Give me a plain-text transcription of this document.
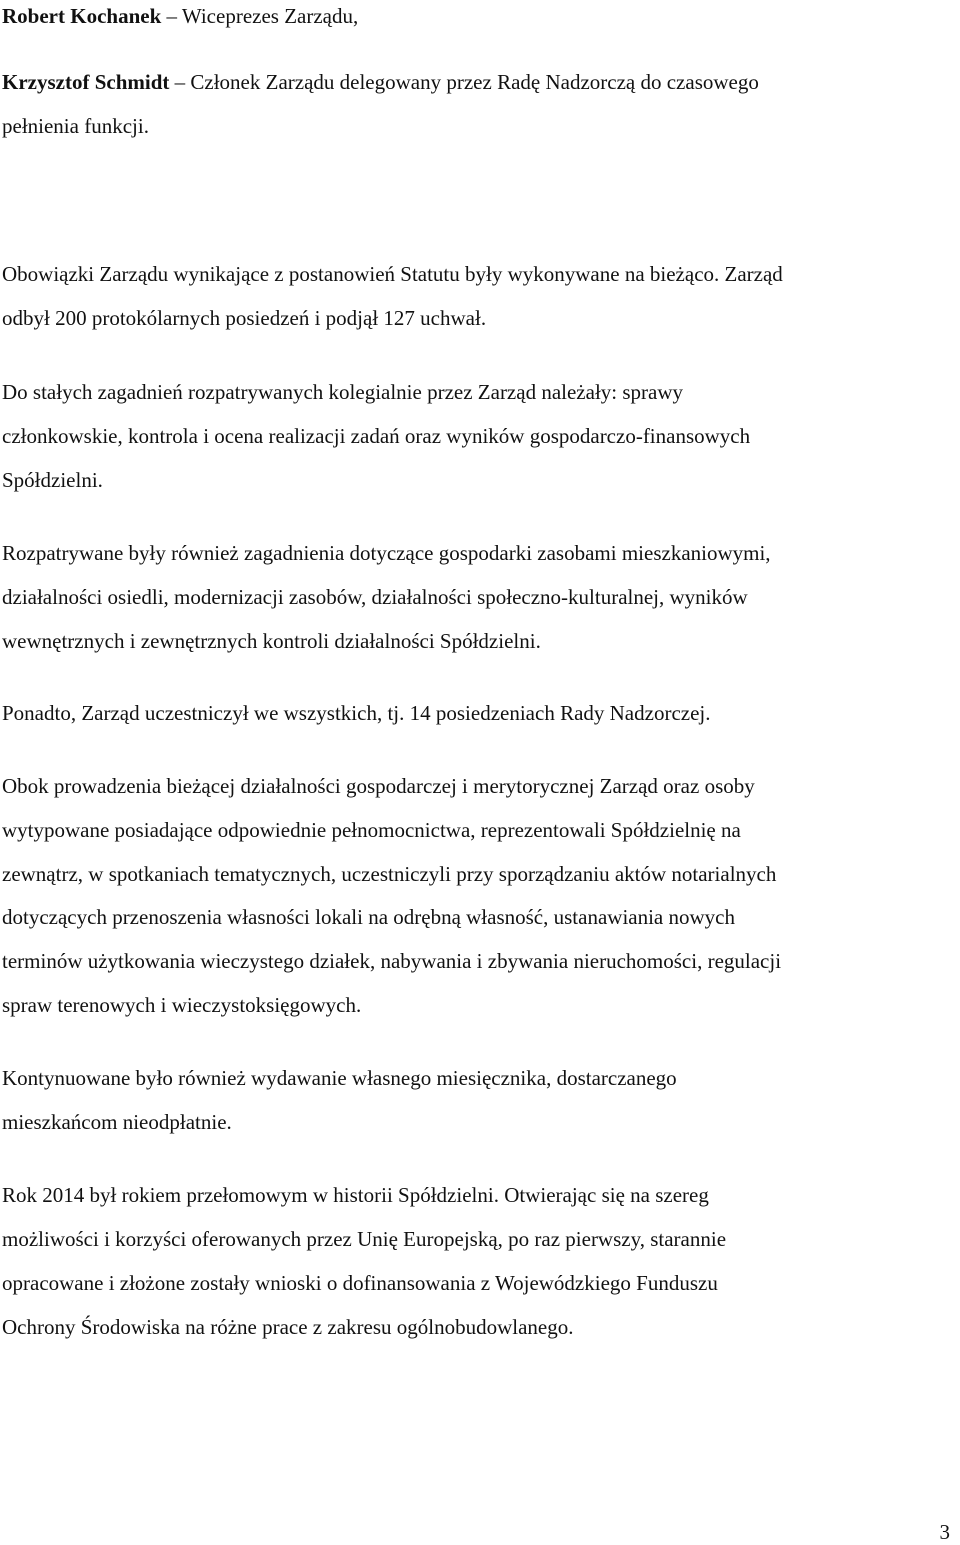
Robert Kochanek – Wiceprezes Zarządu,
Krzysztof Schmidt – Członek Zarządu delegowany przez Radę Nadzorczą do czasowego
pełnienia funkcji.
Obowiązki Zarządu wynikające z postanowień Statutu były wykonywane na bieżąco. Zarząd
odbył 200 protokólarnych posiedzeń i podjął 127 uchwał.
Do stałych zagadnień rozpatrywanych kolegialnie przez Zarząd należały: sprawy
członkowskie, kontrola i ocena realizacji zadań oraz wyników gospodarczo-finansowych
Spółdzielni.
Rozpatrywane były również zagadnienia dotyczące gospodarki zasobami mieszkaniowymi,
działalności osiedli, modernizacji zasobów, działalności społeczno-kulturalnej, wyników
wewnętrznych i zewnętrznych kontroli działalności Spółdzielni.
Ponadto, Zarząd uczestniczył we wszystkich, tj. 14 posiedzeniach Rady Nadzorczej.
Obok prowadzenia bieżącej działalności gospodarczej i merytorycznej Zarząd oraz osoby
wytypowane posiadające odpowiednie pełnomocnictwa, reprezentowali Spółdzielnię na
zewnątrz, w spotkaniach tematycznych, uczestniczyli przy sporządzaniu aktów notarialnych
dotyczących przenoszenia własności lokali na odrębną własność, ustanawiania nowych
terminów użytkowania wieczystego działek, nabywania i zbywania nieruchomości, regulacji
spraw terenowych i wieczystoksięgowych.
Kontynuowane było również wydawanie własnego miesięcznika, dostarczanego
mieszkańcom nieodpłatnie.
Rok 2014 był rokiem przełomowym w historii Spółdzielni. Otwierając się na szereg
możliwości i korzyści oferowanych przez Unię Europejską, po raz pierwszy, starannie
opracowane i złożone zostały wnioski o dofinansowania z Wojewódzkiego Funduszu
Ochrony Środowiska na różne prace z zakresu ogólnobudowlanego.
3
